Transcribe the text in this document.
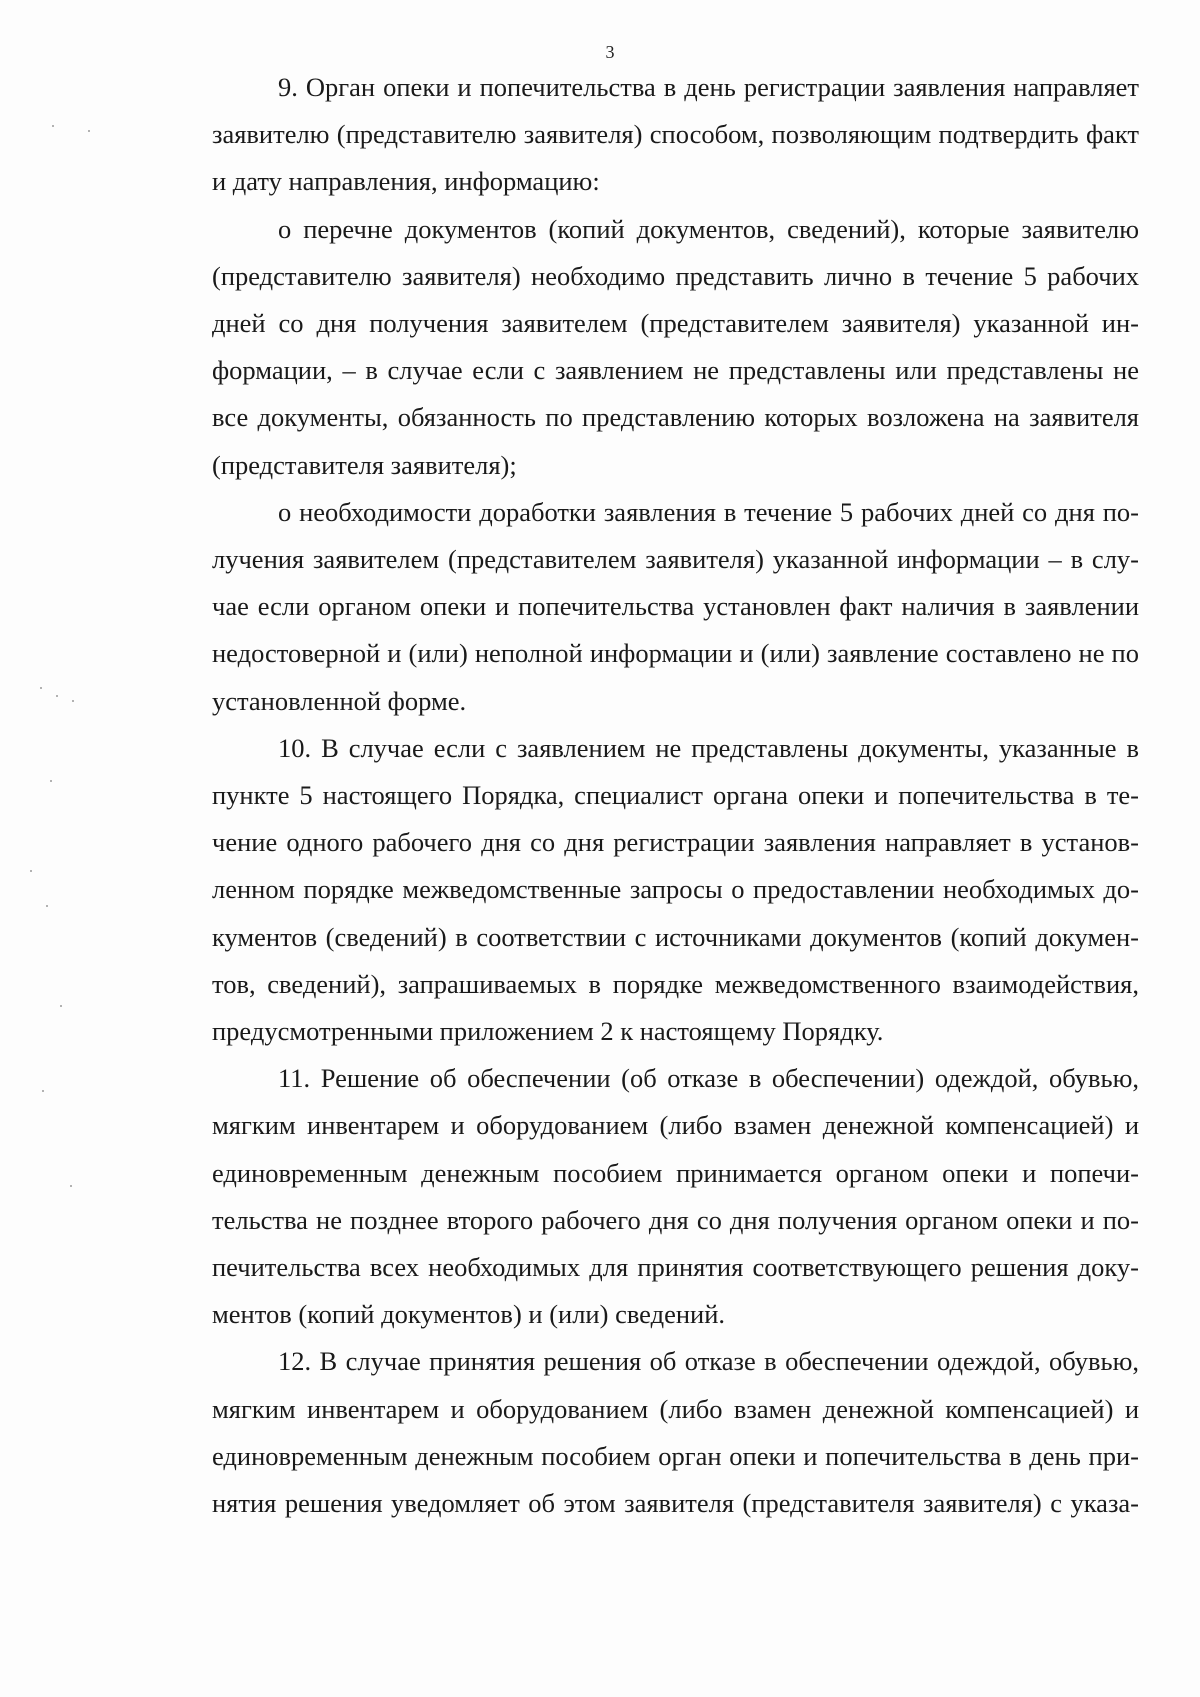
3
9. Орган опеки и попечительства в день регистрации заявления направляет
заявителю (представителю заявителя) способом, позволяющим подтвердить факт
и дату направления, информацию:
о перечне документов (копий документов, сведений), которые заявителю
(представителю заявителя) необходимо представить лично в течение 5 рабочих
дней со дня получения заявителем (представителем заявителя) указанной ин-
формации, – в случае если с заявлением не представлены или представлены не
все документы, обязанность по представлению которых возложена на заявителя
(представителя заявителя);
о необходимости доработки заявления в течение 5 рабочих дней со дня по-
лучения заявителем (представителем заявителя) указанной информации – в слу-
чае если органом опеки и попечительства установлен факт наличия в заявлении
недостоверной и (или) неполной информации и (или) заявление составлено не по
установленной форме.
10. В случае если с заявлением не представлены документы, указанные в
пункте 5 настоящего Порядка, специалист органа опеки и попечительства в те-
чение одного рабочего дня со дня регистрации заявления направляет в установ-
ленном порядке межведомственные запросы о предоставлении необходимых до-
кументов (сведений) в соответствии с источниками документов (копий докумен-
тов, сведений), запрашиваемых в порядке межведомственного взаимодействия,
предусмотренными приложением 2 к настоящему Порядку.
11. Решение об обеспечении (об отказе в обеспечении) одеждой, обувью,
мягким инвентарем и оборудованием (либо взамен денежной компенсацией) и
единовременным денежным пособием принимается органом опеки и попечи-
тельства не позднее второго рабочего дня со дня получения органом опеки и по-
печительства всех необходимых для принятия соответствующего решения доку-
ментов (копий документов) и (или) сведений.
12. В случае принятия решения об отказе в обеспечении одеждой, обувью,
мягким инвентарем и оборудованием (либо взамен денежной компенсацией) и
единовременным денежным пособием орган опеки и попечительства в день при-
нятия решения уведомляет об этом заявителя (представителя заявителя) с указа-
